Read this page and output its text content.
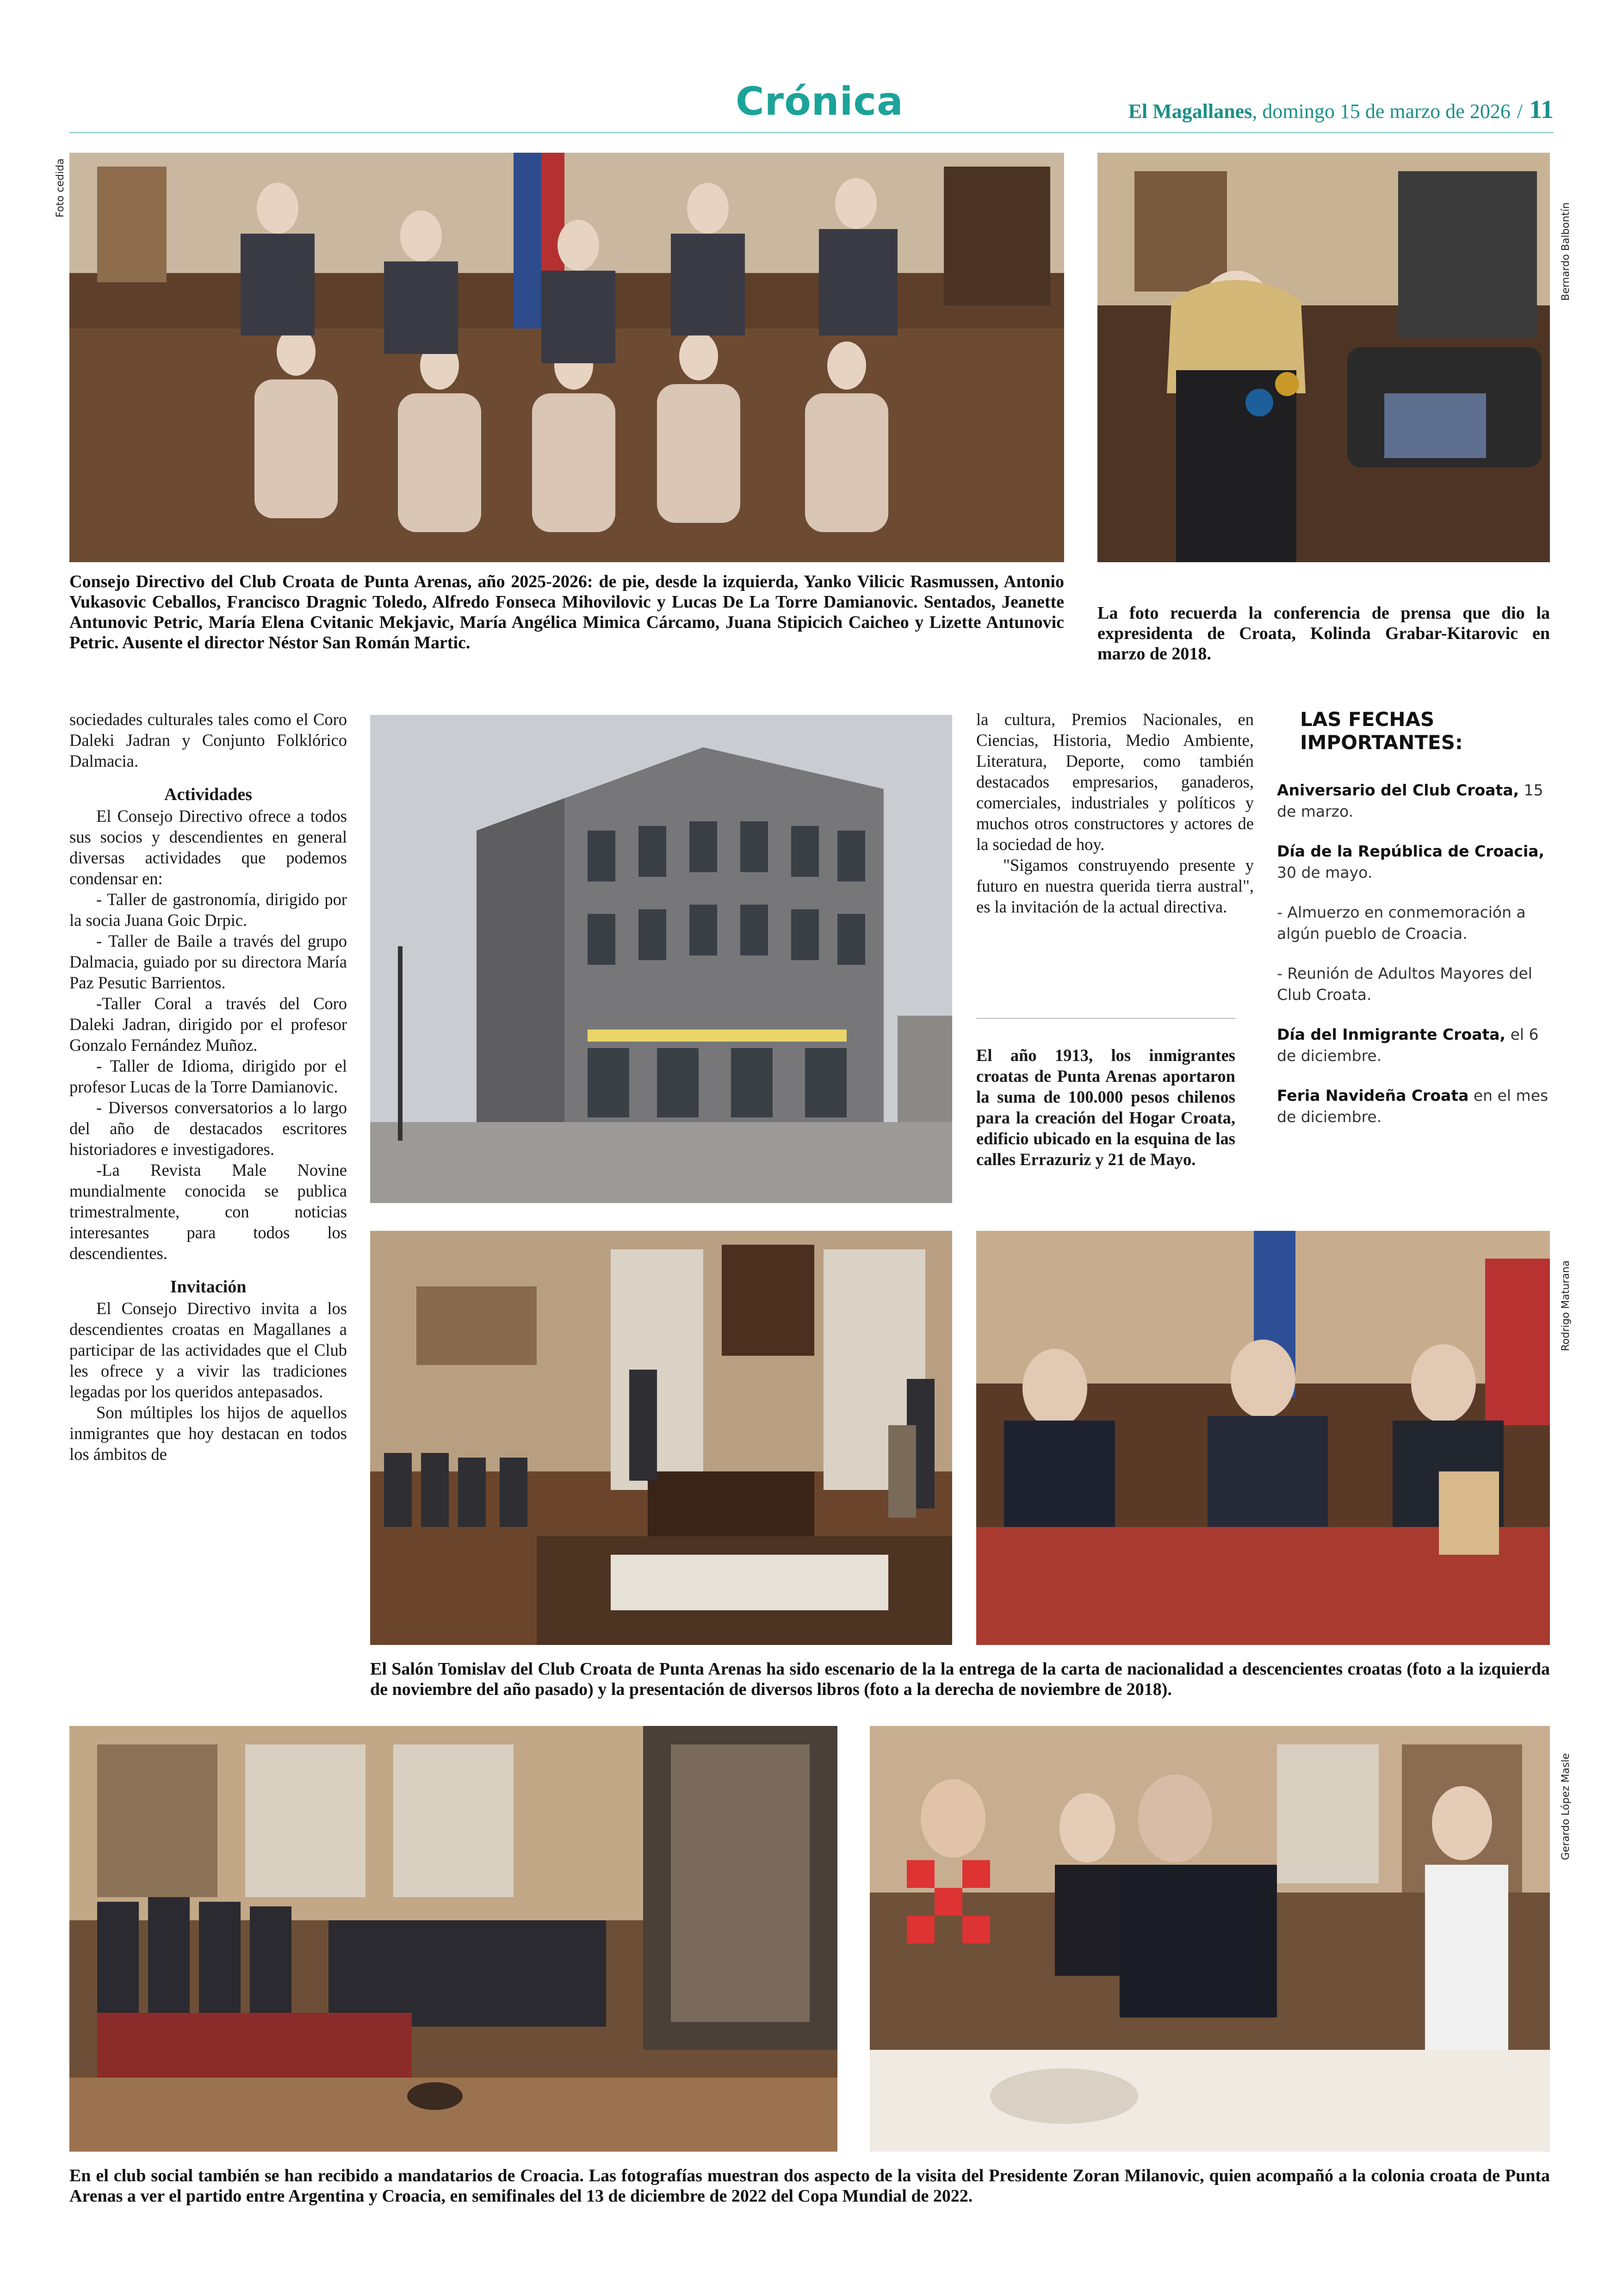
Crónica	El Magallanes, domingo 15 de marzo de 2026 / 11
Foto cedida
Bernardo Balbontín
Consejo Directivo del Club Croata de Punta Arenas, año 2025-2026: de pie, desde la izquierda, Yanko Vilicic Rasmussen, Antonio Vukasovic Ceballos, Francisco Dragnic Toledo, Alfredo Fonseca Mihovilovic y Lucas De La Torre Damianovic. Sentados, Jeanette Antunovic Petric, María Elena Cvitanic Mekjavic, María Angélica Mimica Cárcamo, Juana Stipicich Caicheo y Lizette Antunovic Petric. Ausente el director Néstor San Román Martic.
La foto recuerda la conferencia de prensa que dio la expresidenta de Croata, Kolinda Grabar-Kitarovic en marzo de 2018.

sociedades culturales tales como el Coro Daleki Jadran y Conjunto Folklórico Dalmacia.

Actividades

El Consejo Directivo ofrece a todos sus socios y descendientes en general diversas actividades que podemos condensar en:

- Taller de gastronomía, dirigido por la socia Juana Goic Drpic.

- Taller de Baile a través del grupo Dalmacia, guiado por su directora María Paz Pesutic Barrientos.

-Taller Coral a través del Coro Daleki Jadran, dirigido por el profesor Gonzalo Fernández Muñoz.

- Taller de Idioma, dirigido por el profesor Lucas de la Torre Damianovic.

- Diversos conversatorios a lo largo del año de destacados escritores historiadores e investigadores.

-La Revista Male Novine mundialmente conocida se publica trimestralmente, con noticias interesantes para todos los descendientes.

Invitación

El Consejo Directivo invita a los descendientes croatas en Magallanes a participar de las actividades que el Club les ofrece y a vivir las tradiciones legadas por los queridos antepasados.

Son múltiples los hijos de aquellos inmigrantes que hoy destacan en todos los ámbitos de

la cultura, Premios Nacionales, en Ciencias, Historia, Medio Ambiente, Literatura, Deporte, como también destacados empresarios, ganaderos, comerciales, industriales y políticos y muchos otros constructores y actores de la sociedad de hoy.

"Sigamos construyendo presente y futuro en nuestra querida tierra austral", es la invitación de la actual directiva.

El año 1913, los inmigrantes croatas de Punta Arenas aportaron la suma de 100.000 pesos chilenos para la creación del Hogar Croata, edificio ubicado en la esquina de las calles Errazuriz y 21 de Mayo.

LAS FECHAS
IMPORTANTES:
Aniversario del Club Croata, 15 de marzo.
Día de la República de Croacia, 30 de mayo.
- Almuerzo en conmemoración a algún pueblo de Croacia.
- Reunión de Adultos Mayores del Club Croata.
Día del Inmigrante Croata, el 6 de diciembre.
Feria Navideña Croata en el mes de diciembre.
Rodrigo Maturana
El Salón Tomislav del Club Croata de Punta Arenas ha sido escenario de la la entrega de la carta de nacionalidad a descencientes croatas (foto a la izquierda de noviembre del año pasado) y la presentación de diversos libros (foto a la derecha de noviembre de 2018).
Gerardo López Masle
En el club social también se han recibido a mandatarios de Croacia. Las fotografías muestran dos aspecto de la visita del Presidente Zoran Milanovic, quien acompañó a la colonia croata de Punta Arenas a ver el partido entre Argentina y Croacia, en semifinales del 13 de diciembre de 2022 del Copa Mundial de 2022.
